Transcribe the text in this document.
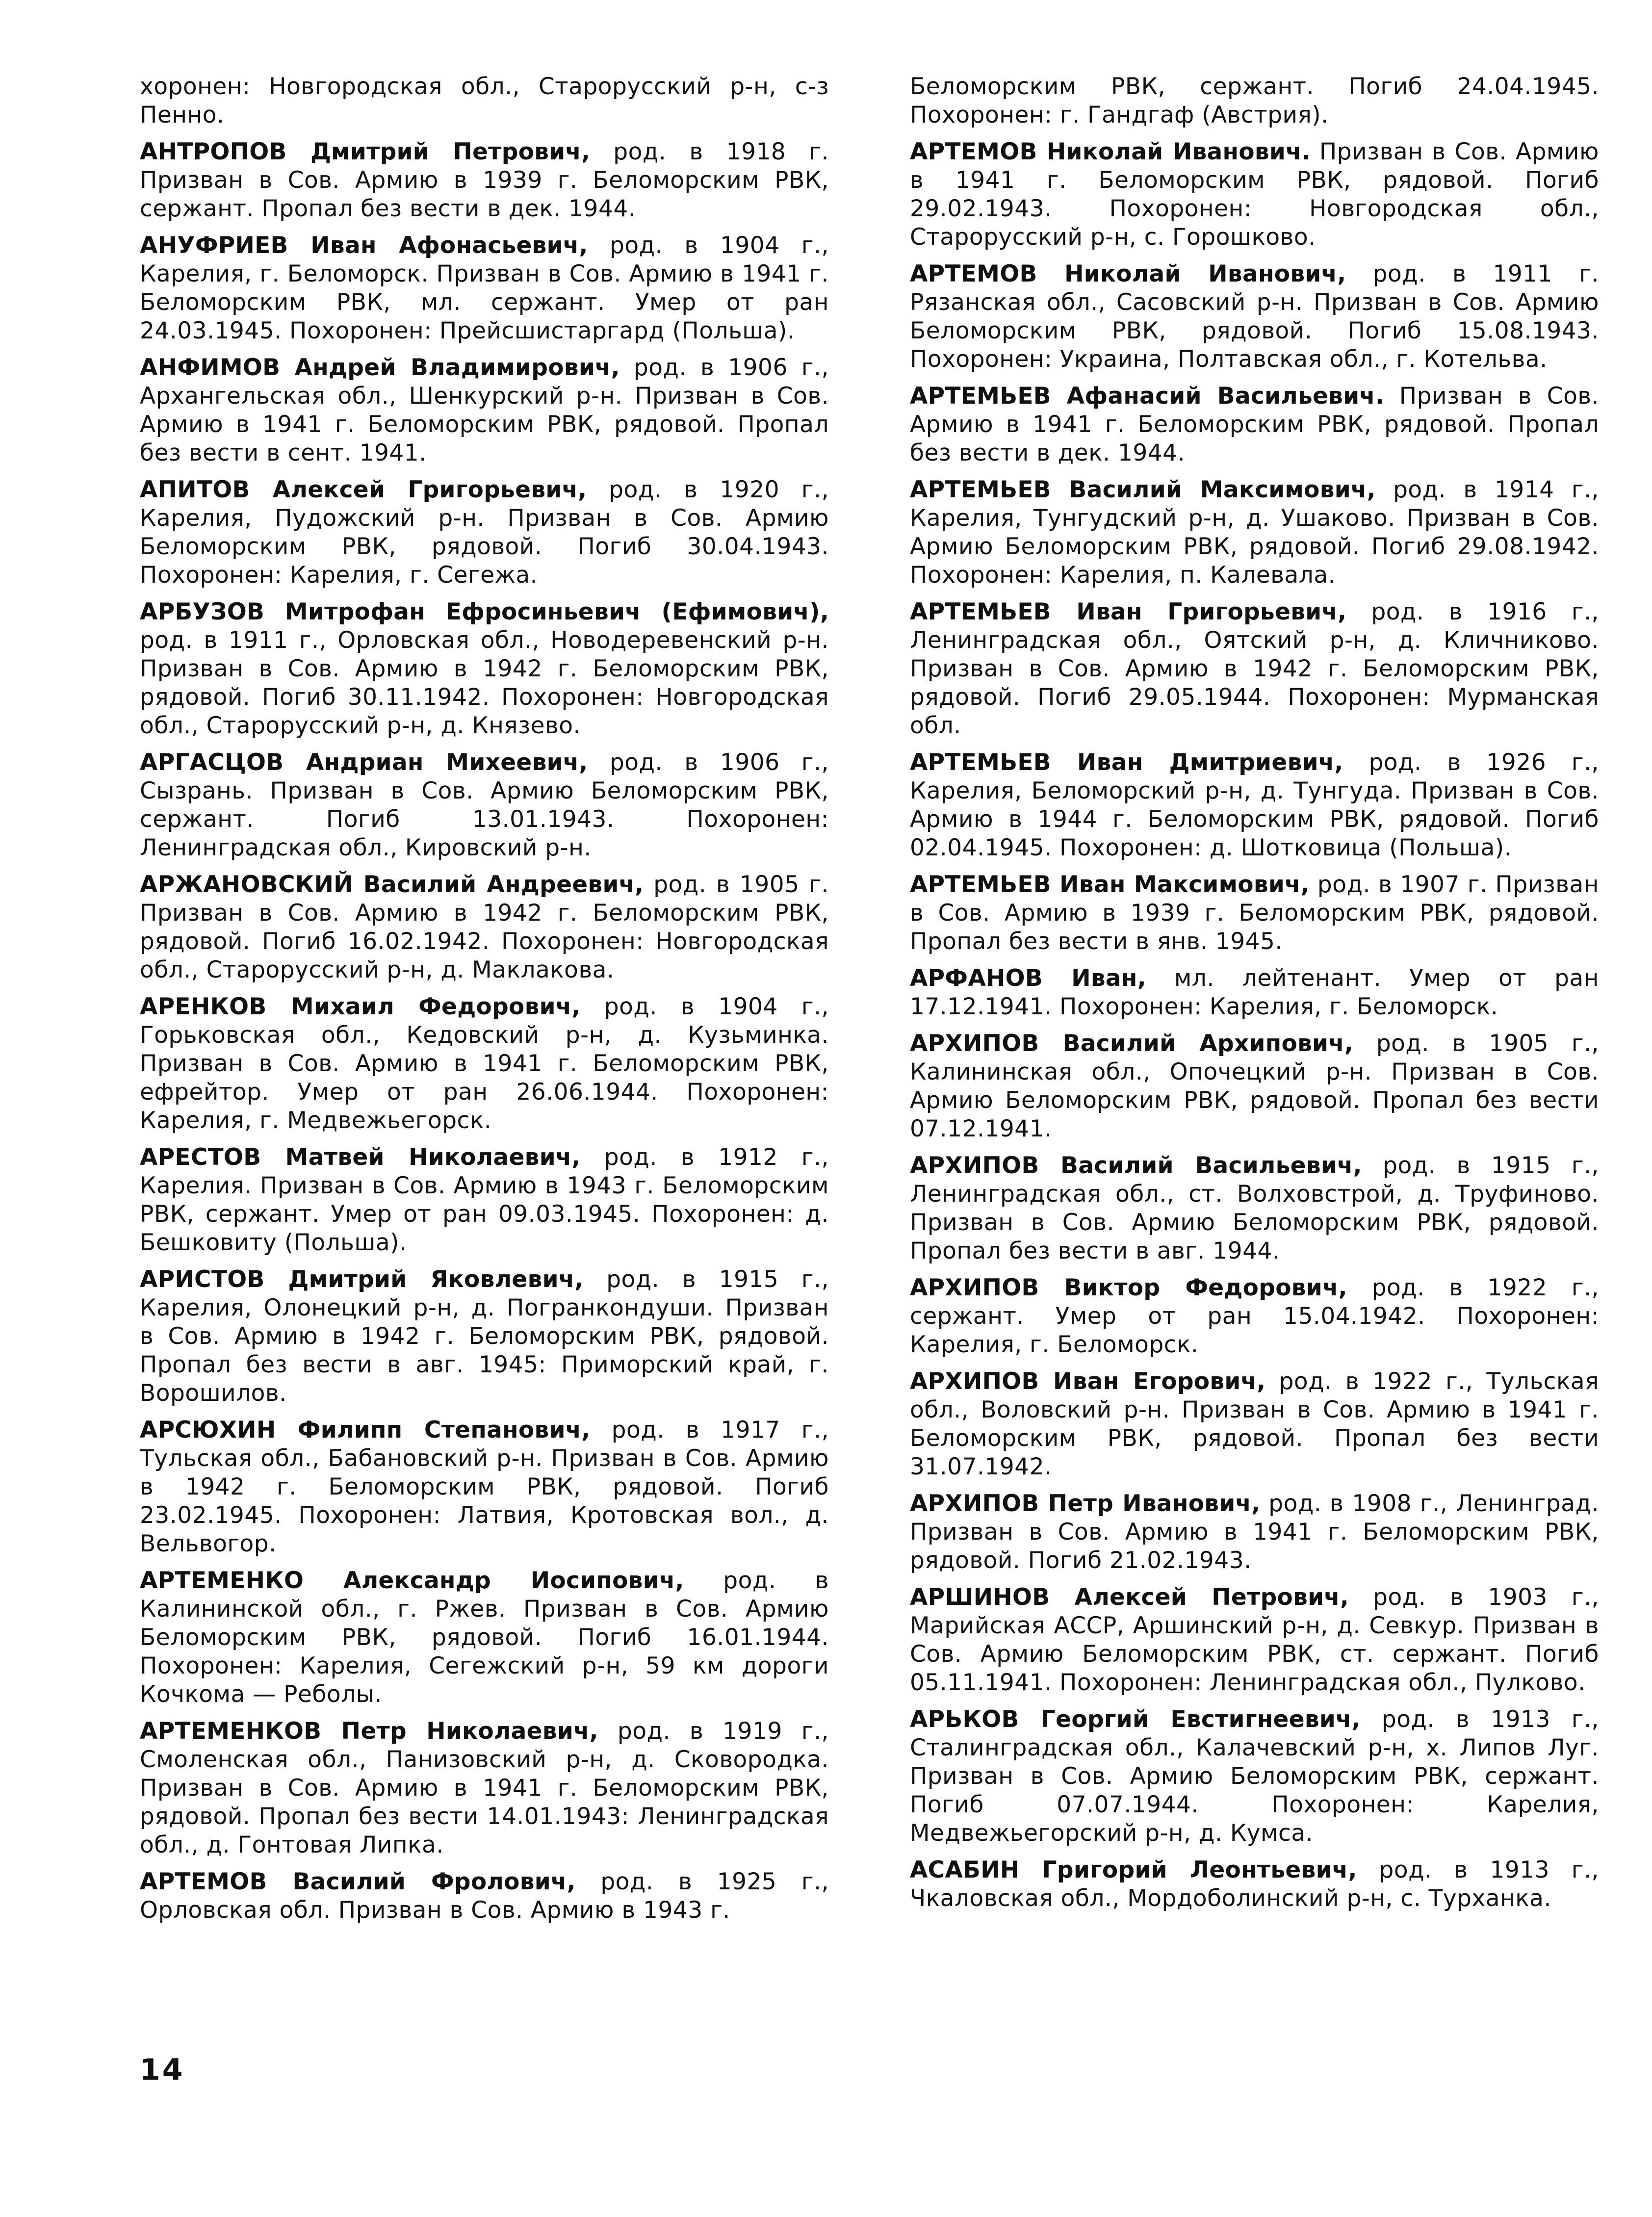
хоронен: Новгородская обл., Старорусский р-н, с-з Пенно.

АНТРОПОВ Дмитрий Петрович, род. в 1918 г. Призван в Сов. Армию в 1939 г. Беломорским РВК, сержант. Пропал без вести в дек. 1944.

АНУФРИЕВ Иван Афонасьевич, род. в 1904 г., Карелия, г. Беломорск. Призван в Сов. Армию в 1941 г. Беломорским РВК, мл. сержант. Умер от ран 24.03.1945. Похоронен: Прейсшистаргард (Польша).

АНФИМОВ Андрей Владимирович, род. в 1906 г., Архангельская обл., Шенкурский р-н. Призван в Сов. Армию в 1941 г. Беломорским РВК, рядовой. Пропал без вести в сент. 1941.

АПИТОВ Алексей Григорьевич, род. в 1920 г., Карелия, Пудожский р-н. Призван в Сов. Армию Беломорским РВК, рядовой. Погиб 30.04.1943. Похоронен: Карелия, г. Сегежа.

АРБУЗОВ Митрофан Ефросиньевич (Ефимович), род. в 1911 г., Орловская обл., Новодеревенский р-н. Призван в Сов. Армию в 1942 г. Беломорским РВК, рядовой. Погиб 30.11.1942. Похоронен: Новгородская обл., Старорусский р-н, д. Князево.

АРГАСЦОВ Андриан Михеевич, род. в 1906 г., Сызрань. Призван в Сов. Армию Беломорским РВК, сержант. Погиб 13.01.1943. Похоронен: Ленинградская обл., Кировский р-н.

АРЖАНОВСКИЙ Василий Андреевич, род. в 1905 г. Призван в Сов. Армию в 1942 г. Беломорским РВК, рядовой. Погиб 16.02.1942. Похоронен: Новгородская обл., Старорусский р-н, д. Маклакова.

АРЕНКОВ Михаил Федорович, род. в 1904 г., Горьковская обл., Кедовский р-н, д. Кузьминка. Призван в Сов. Армию в 1941 г. Беломорским РВК, ефрейтор. Умер от ран 26.06.1944. Похоронен: Карелия, г. Медвежьегорск.

АРЕСТОВ Матвей Николаевич, род. в 1912 г., Карелия. Призван в Сов. Армию в 1943 г. Беломорским РВК, сержант. Умер от ран 09.03.1945. Похоронен: д. Бешковиту (Польша).

АРИСТОВ Дмитрий Яковлевич, род. в 1915 г., Карелия, Олонецкий р-н, д. Погранкондуши. Призван в Сов. Армию в 1942 г. Беломорским РВК, рядовой. Пропал без вести в авг. 1945: Приморский край, г. Ворошилов.

АРСЮХИН Филипп Степанович, род. в 1917 г., Тульская обл., Бабановский р-н. Призван в Сов. Армию в 1942 г. Беломорским РВК, рядовой. Погиб 23.02.1945. Похоронен: Латвия, Кротовская вол., д. Вельвогор.

АРТЕМЕНКО Александр Иосипович, род. в Калининской обл., г. Ржев. Призван в Сов. Армию Беломорским РВК, рядовой. Погиб 16.01.1944. Похоронен: Карелия, Сегежский р-н, 59 км дороги Кочкома — Реболы.

АРТЕМЕНКОВ Петр Николаевич, род. в 1919 г., Смоленская обл., Панизовский р-н, д. Сковородка. Призван в Сов. Армию в 1941 г. Беломорским РВК, рядовой. Пропал без вести 14.01.1943: Ленинградская обл., д. Гонтовая Липка.

АРТЕМОВ Василий Фролович, род. в 1925 г., Орловская обл. Призван в Сов. Армию в 1943 г.

Беломорским РВК, сержант. Погиб 24.04.1945. Похоронен: г. Гандгаф (Австрия).

АРТЕМОВ Николай Иванович. Призван в Сов. Армию в 1941 г. Беломорским РВК, рядовой. Погиб 29.02.1943. Похоронен: Новгородская обл., Старорусский р-н, с. Горошково.

АРТЕМОВ Николай Иванович, род. в 1911 г. Рязанская обл., Сасовский р-н. Призван в Сов. Армию Беломорским РВК, рядовой. Погиб 15.08.1943. Похоронен: Украина, Полтавская обл., г. Котельва.

АРТЕМЬЕВ Афанасий Васильевич. Призван в Сов. Армию в 1941 г. Беломорским РВК, рядовой. Пропал без вести в дек. 1944.

АРТЕМЬЕВ Василий Максимович, род. в 1914 г., Карелия, Тунгудский р-н, д. Ушаково. Призван в Сов. Армию Беломорским РВК, рядовой. Погиб 29.08.1942. Похоронен: Карелия, п. Калевала.

АРТЕМЬЕВ Иван Григорьевич, род. в 1916 г., Ленинградская обл., Оятский р-н, д. Кличниково. Призван в Сов. Армию в 1942 г. Беломорским РВК, рядовой. Погиб 29.05.1944. Похоронен: Мурманская обл.

АРТЕМЬЕВ Иван Дмитриевич, род. в 1926 г., Карелия, Беломорский р-н, д. Тунгуда. Призван в Сов. Армию в 1944 г. Беломорским РВК, рядовой. Погиб 02.04.1945. Похоронен: д. Шотковица (Польша).

АРТЕМЬЕВ Иван Максимович, род. в 1907 г. Призван в Сов. Армию в 1939 г. Беломорским РВК, рядовой. Пропал без вести в янв. 1945.

АРФАНОВ Иван, мл. лейтенант. Умер от ран 17.12.1941. Похоронен: Карелия, г. Беломорск.

АРХИПОВ Василий Архипович, род. в 1905 г., Калининская обл., Опочецкий р-н. Призван в Сов. Армию Беломорским РВК, рядовой. Пропал без вести 07.12.1941.

АРХИПОВ Василий Васильевич, род. в 1915 г., Ленинградская обл., ст. Волховстрой, д. Труфиново. Призван в Сов. Армию Беломорским РВК, рядовой. Пропал без вести в авг. 1944.

АРХИПОВ Виктор Федорович, род. в 1922 г., сержант. Умер от ран 15.04.1942. Похоронен: Карелия, г. Беломорск.

АРХИПОВ Иван Егорович, род. в 1922 г., Тульская обл., Воловский р-н. Призван в Сов. Армию в 1941 г. Беломорским РВК, рядовой. Пропал без вести 31.07.1942.

АРХИПОВ Петр Иванович, род. в 1908 г., Ленинград. Призван в Сов. Армию в 1941 г. Беломорским РВК, рядовой. Погиб 21.02.1943.

АРШИНОВ Алексей Петрович, род. в 1903 г., Марийская АССР, Аршинский р-н, д. Севкур. Призван в Сов. Армию Беломорским РВК, ст. сержант. Погиб 05.11.1941. Похоронен: Ленинградская обл., Пулково.

АРЬКОВ Георгий Евстигнеевич, род. в 1913 г., Сталинградская обл., Калачевский р-н, х. Липов Луг. Призван в Сов. Армию Беломорским РВК, сержант. Погиб 07.07.1944. Похоронен: Карелия, Медвежьегорский р-н, д. Кумса.

АСАБИН Григорий Леонтьевич, род. в 1913 г., Чкаловская обл., Мордоболинский р-н, с. Турханка.

14
